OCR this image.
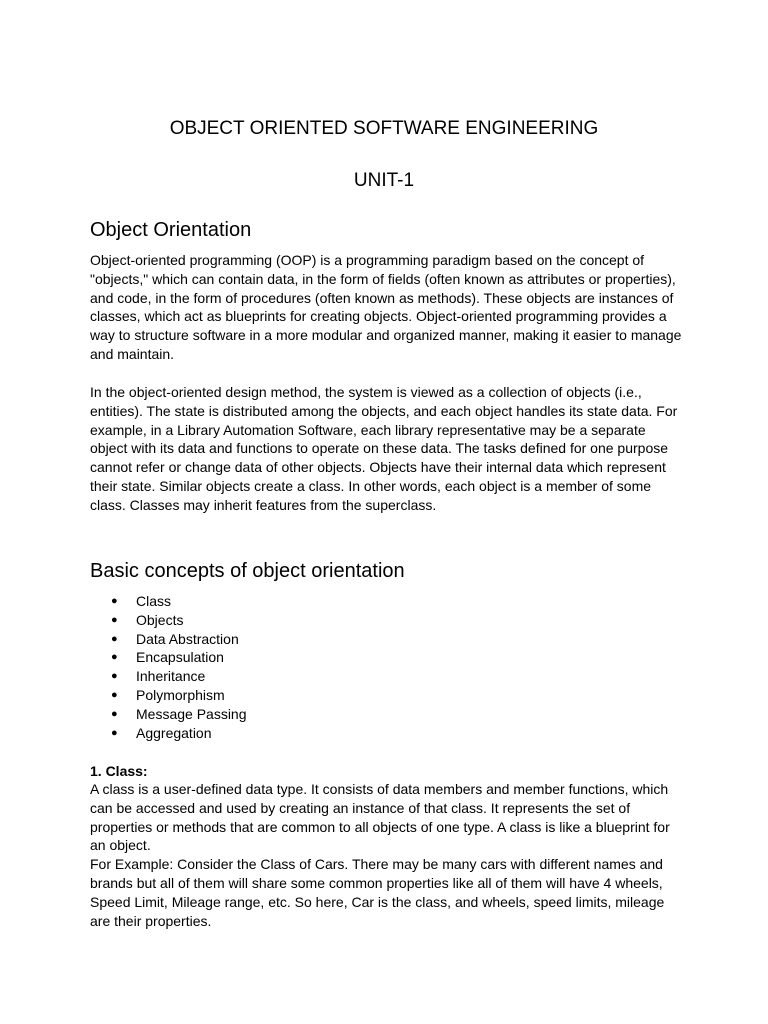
OBJECT ORIENTED SOFTWARE ENGINEERING
UNIT-1
Object Orientation
Object-oriented programming (OOP) is a programming paradigm based on the concept of
"objects," which can contain data, in the form of fields (often known as attributes or properties),
and code, in the form of procedures (often known as methods). These objects are instances of
classes, which act as blueprints for creating objects. Object-oriented programming provides a
way to structure software in a more modular and organized manner, making it easier to manage
and maintain.
In the object-oriented design method, the system is viewed as a collection of objects (i.e.,
entities). The state is distributed among the objects, and each object handles its state data. For
example, in a Library Automation Software, each library representative may be a separate
object with its data and functions to operate on these data. The tasks defined for one purpose
cannot refer or change data of other objects. Objects have their internal data which represent
their state. Similar objects create a class. In other words, each object is a member of some
class. Classes may inherit features from the superclass.
Basic concepts of object orientation
● Class
● Objects
● Data Abstraction
● Encapsulation
● Inheritance
● Polymorphism
● Message Passing
● Aggregation
1. Class:
A class is a user-defined data type. It consists of data members and member functions, which
can be accessed and used by creating an instance of that class. It represents the set of
properties or methods that are common to all objects of one type. A class is like a blueprint for
an object.
For Example: Consider the Class of Cars. There may be many cars with different names and
brands but all of them will share some common properties like all of them will have 4 wheels,
Speed Limit, Mileage range, etc. So here, Car is the class, and wheels, speed limits, mileage
are their properties.
